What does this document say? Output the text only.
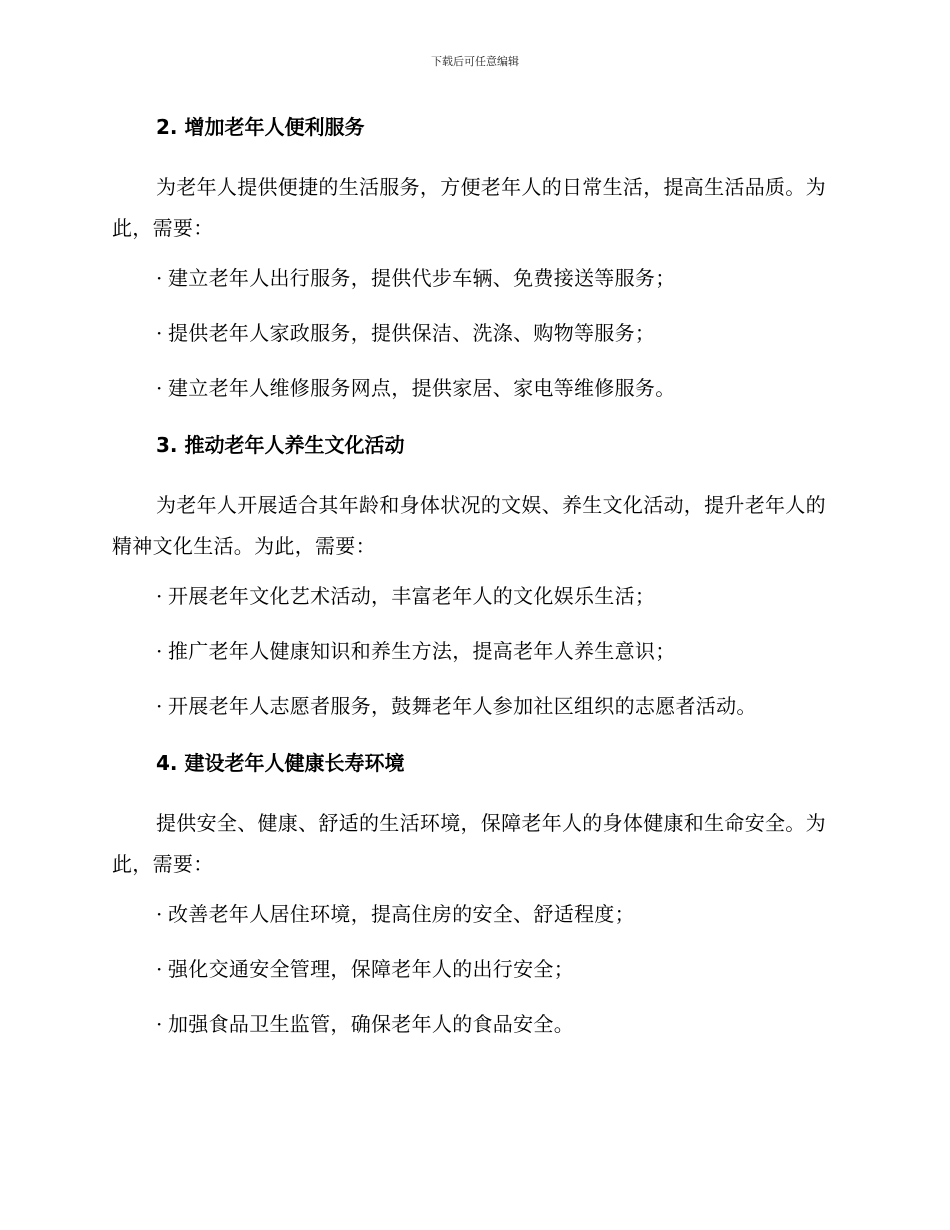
下载后可任意编辑
2. 增加老年人便利服务
为老年人提供便捷的生活服务，方便老年人的日常生活，提高生活品质。为此，需要：
· 建立老年人出行服务，提供代步车辆、免费接送等服务；
· 提供老年人家政服务，提供保洁、洗涤、购物等服务；
· 建立老年人维修服务网点，提供家居、家电等维修服务。
3. 推动老年人养生文化活动
为老年人开展适合其年龄和身体状况的文娱、养生文化活动，提升老年人的精神文化生活。为此，需要：
· 开展老年文化艺术活动，丰富老年人的文化娱乐生活；
· 推广老年人健康知识和养生方法，提高老年人养生意识；
· 开展老年人志愿者服务，鼓舞老年人参加社区组织的志愿者活动。
4. 建设老年人健康长寿环境
提供安全、健康、舒适的生活环境，保障老年人的身体健康和生命安全。为此，需要：
· 改善老年人居住环境，提高住房的安全、舒适程度；
· 强化交通安全管理，保障老年人的出行安全；
· 加强食品卫生监管，确保老年人的食品安全。
